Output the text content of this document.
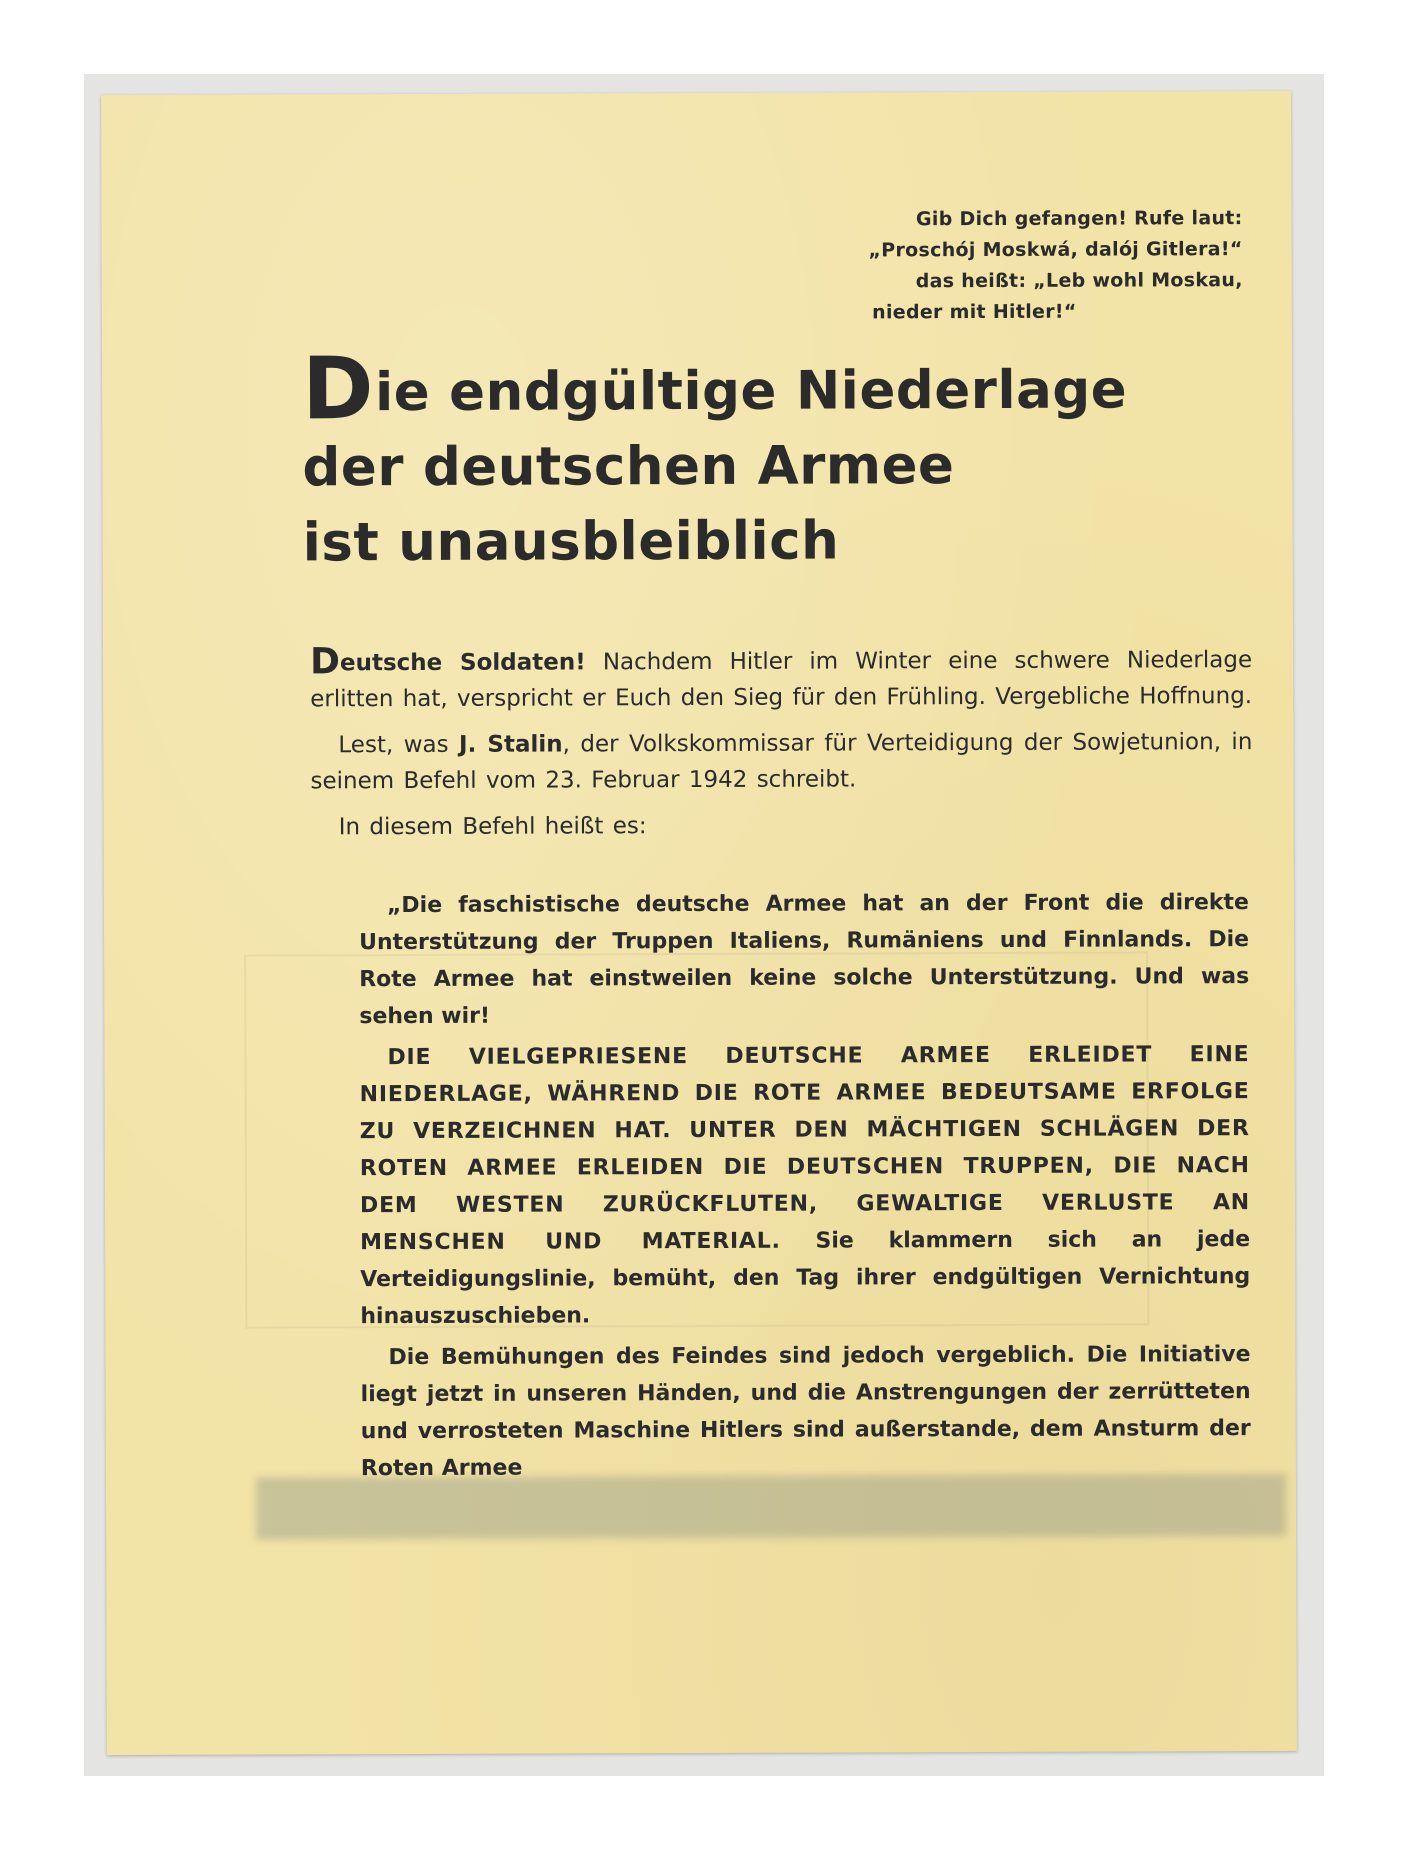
Gib Dich gefangen! Rufe laut:
„Proschój Moskwá, dalój Gitlera!“
das heißt: „Leb wohl Moskau,
nieder mit Hitler!“
Die endgültige Niederlage
der deutschen Armee
ist unausbleiblich

Deutsche Soldaten! Nachdem Hitler im Winter eine schwere Niederlage erlitten hat, verspricht er Euch den Sieg für den Frühling. Vergebliche Hoffnung.

Lest, was J. Stalin, der Volkskommissar für Verteidigung der Sowjetunion, in seinem Befehl vom 23. Februar 1942 schreibt.

In diesem Befehl heißt es:

„Die faschistische deutsche Armee hat an der Front die direkte Unterstützung der Truppen Italiens, Rumäniens und Finnlands. Die Rote Armee hat einstweilen keine solche Unterstützung. Und was sehen wir!

DIE VIELGEPRIESENE DEUTSCHE ARMEE ERLEIDET EINE NIEDERLAGE, WÄHREND DIE ROTE ARMEE BEDEUTSAME ERFOLGE ZU VERZEICHNEN HAT. UNTER DEN MÄCHTIGEN SCHLÄGEN DER ROTEN ARMEE ERLEIDEN DIE DEUTSCHEN TRUPPEN, DIE NACH DEM WESTEN ZURÜCKFLUTEN, GEWALTIGE VERLUSTE AN MENSCHEN UND MATERIAL. Sie klammern sich an jede Verteidigungslinie, bemüht, den Tag ihrer endgültigen Vernichtung hinauszuschieben.

Die Bemühungen des Feindes sind jedoch vergeblich. Die Initiative liegt jetzt in unseren Händen, und die Anstrengungen der zerrütteten und verrosteten Maschine Hitlers sind außerstande, dem Ansturm der Roten Armee
